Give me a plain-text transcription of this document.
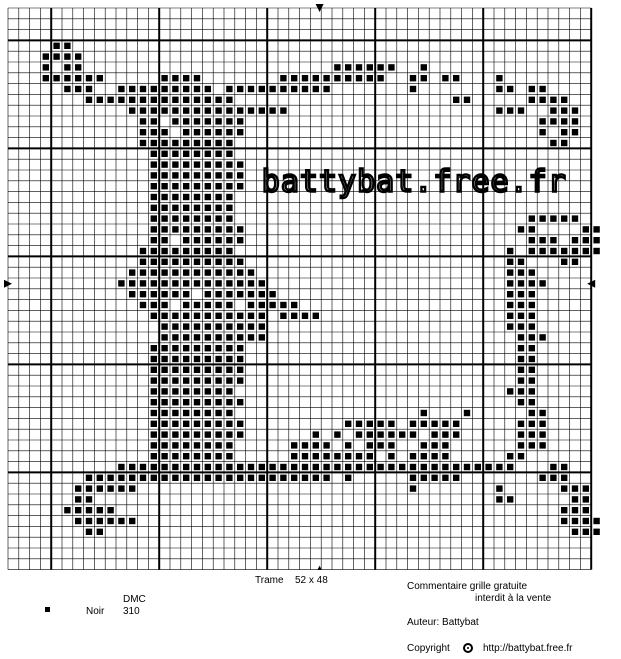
battybat.free.fr
Trame 52 x 48
Commentaire grille gratuite
interdit à la vente
DMC
Noir 310
Auteur: Battybat
Copyright	http://battybat.free.fr
